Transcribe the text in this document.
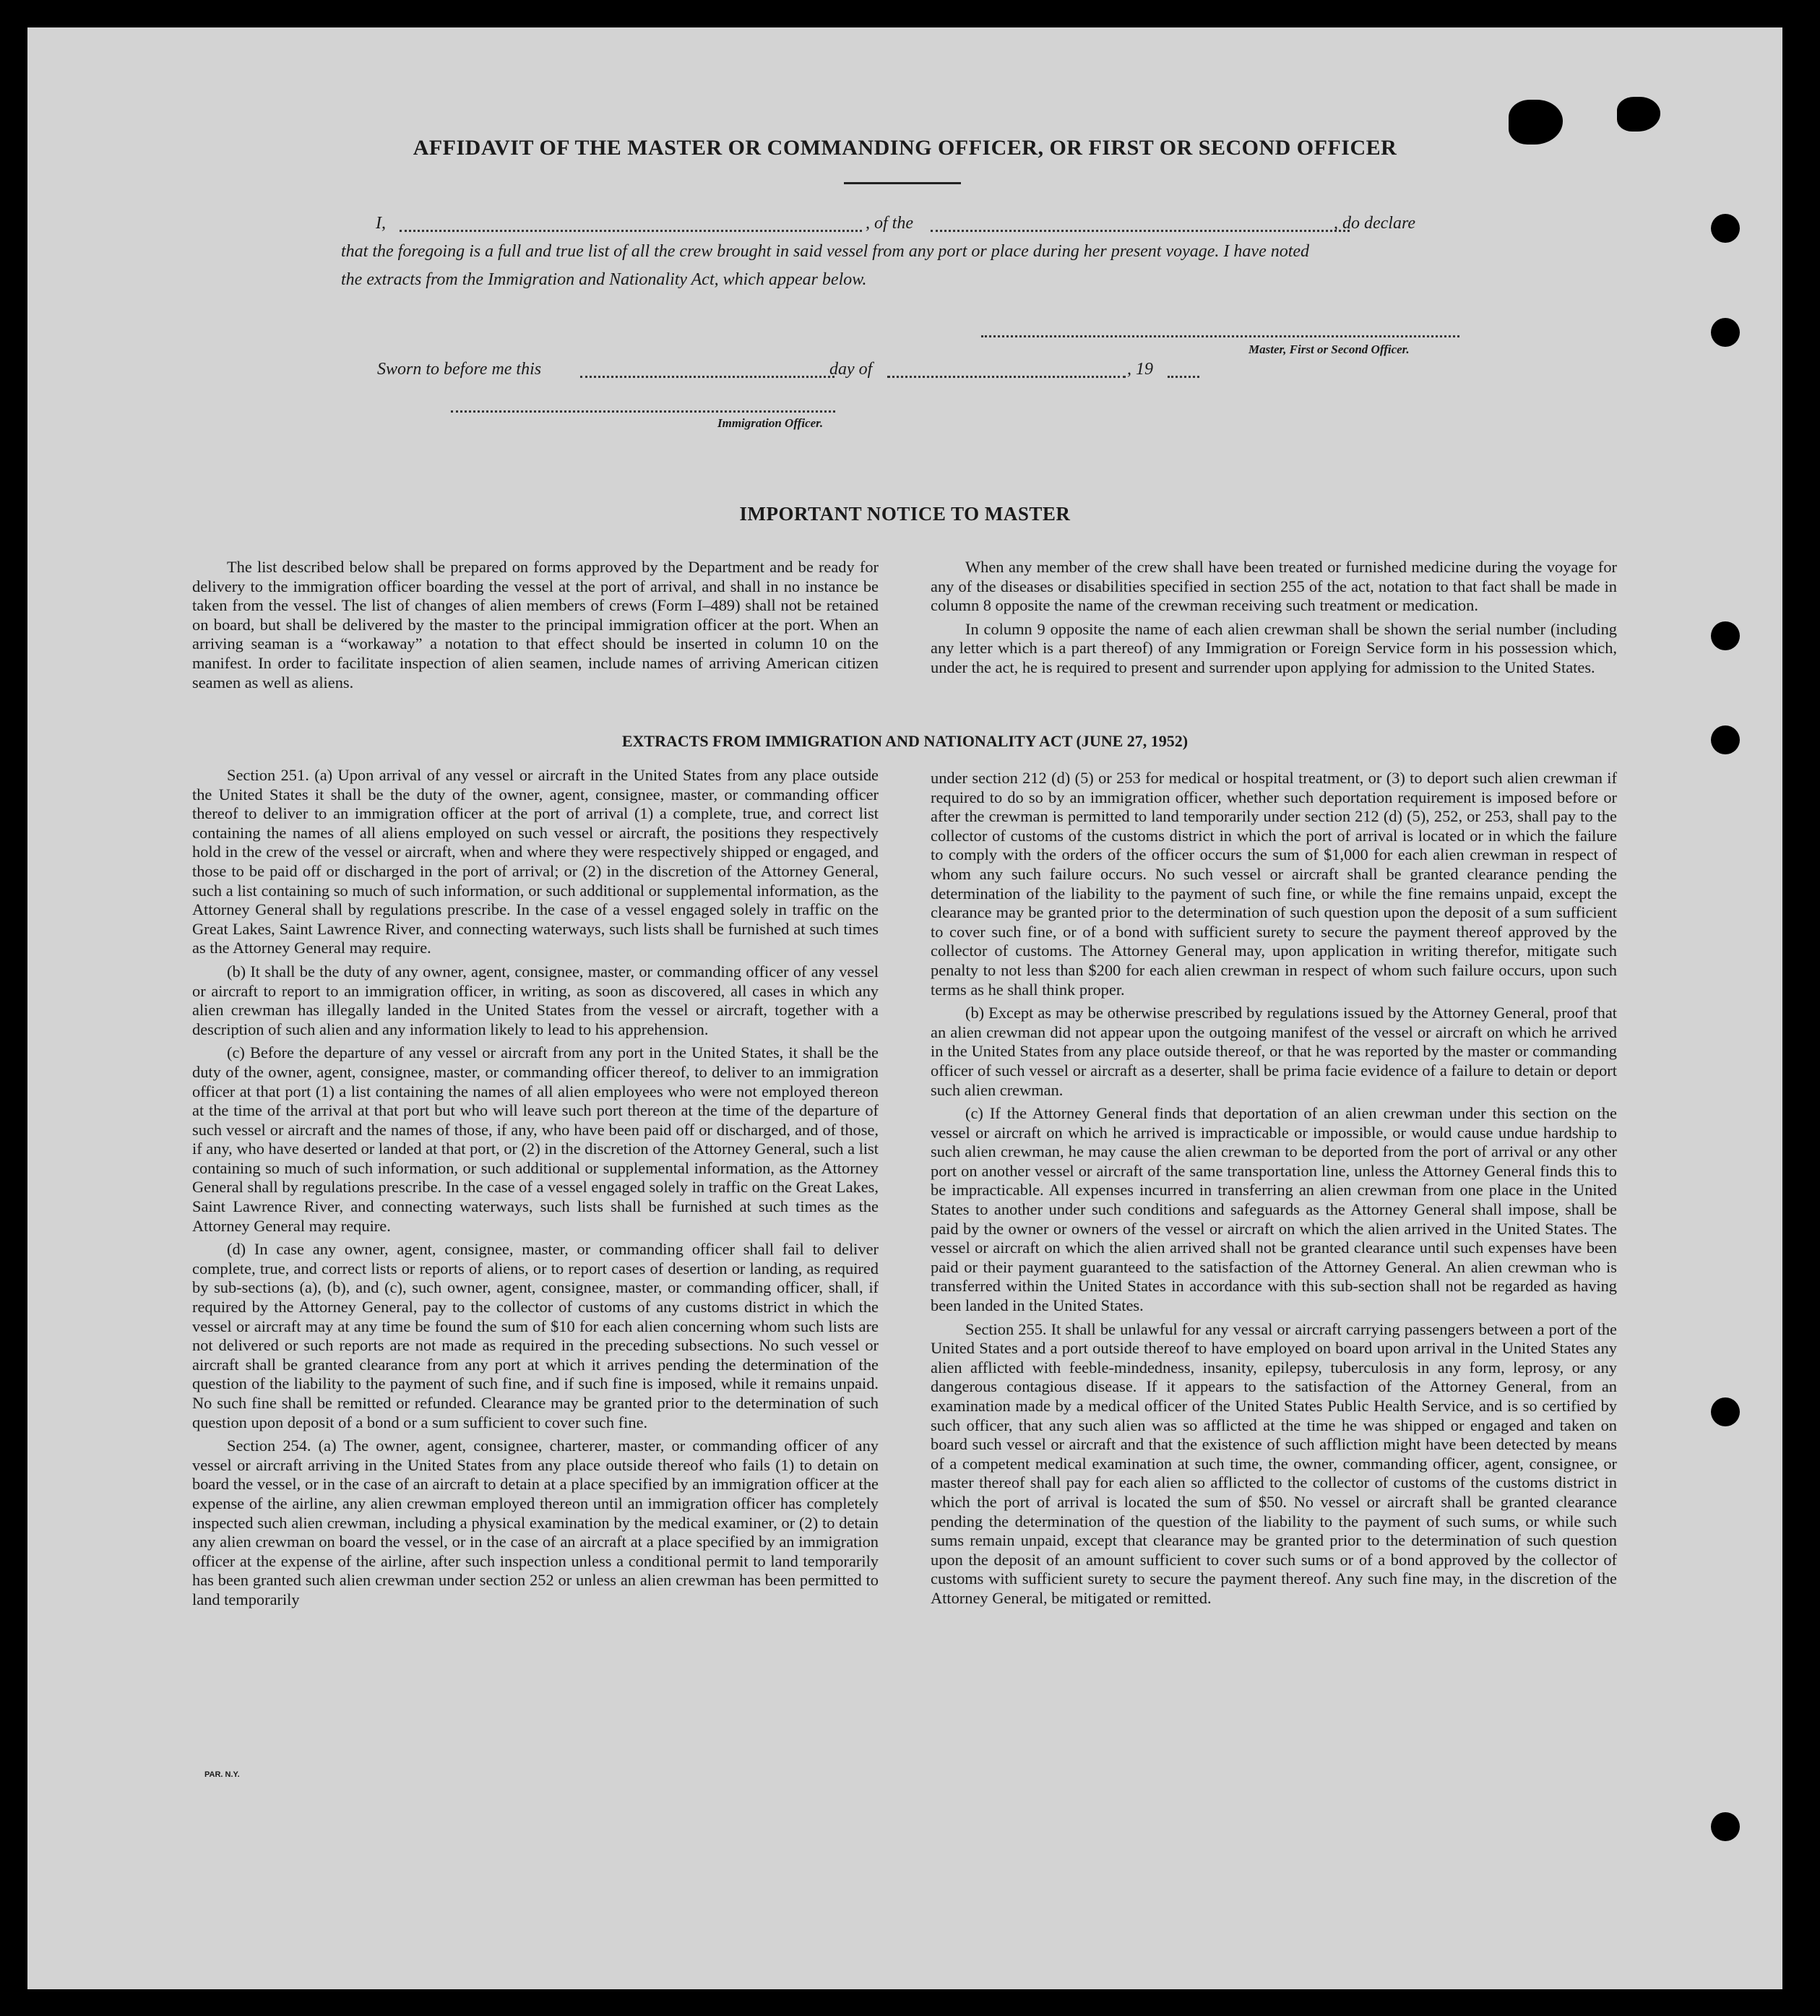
AFFIDAVIT OF THE MASTER OR COMMANDING OFFICER, OR FIRST OR SECOND OFFICER
I,	, of the	, do declare
that the foregoing is a full and true list of all the crew brought in said vessel from any port or place during her present voyage. I have noted
the extracts from the Immigration and Nationality Act, which appear below.
Master, First or Second Officer.
Sworn to before me this	day of	, 19
Immigration Officer.
IMPORTANT NOTICE TO MASTER

The list described below shall be prepared on forms approved by the Department and be ready for delivery to the immigration officer boarding the vessel at the port of arrival, and shall in no instance be taken from the vessel. The list of changes of alien members of crews (Form I–489) shall not be retained on board, but shall be delivered by the master to the principal immigration officer at the port. When an arriving seaman is a “workaway” a notation to that effect should be inserted in column 10 on the manifest. In order to facilitate inspection of alien seamen, include names of arriving American citizen seamen as well as aliens.

When any member of the crew shall have been treated or furnished medicine during the voyage for any of the diseases or disabilities specified in section 255 of the act, notation to that fact shall be made in column 8 opposite the name of the crewman receiving such treatment or medication.

In column 9 opposite the name of each alien crewman shall be shown the serial number (including any letter which is a part thereof) of any Immigration or Foreign Service form in his possession which, under the act, he is required to present and surrender upon applying for admission to the United States.

EXTRACTS FROM IMMIGRATION AND NATIONALITY ACT (JUNE 27, 1952)

Section 251. (a) Upon arrival of any vessel or aircraft in the United States from any place outside the United States it shall be the duty of the owner, agent, consignee, master, or commanding officer thereof to deliver to an immigration officer at the port of arrival (1) a complete, true, and correct list containing the names of all aliens employed on such vessel or aircraft, the positions they respectively hold in the crew of the vessel or aircraft, when and where they were respectively shipped or engaged, and those to be paid off or discharged in the port of arrival; or (2) in the discretion of the Attorney General, such a list containing so much of such information, or such additional or supplemental information, as the Attorney General shall by regulations prescribe. In the case of a vessel engaged solely in traffic on the Great Lakes, Saint Lawrence River, and connecting waterways, such lists shall be furnished at such times as the Attorney General may require.

(b) It shall be the duty of any owner, agent, consignee, master, or commanding officer of any vessel or aircraft to report to an immigration officer, in writing, as soon as discovered, all cases in which any alien crewman has illegally landed in the United States from the vessel or aircraft, together with a description of such alien and any information likely to lead to his apprehension.

(c) Before the departure of any vessel or aircraft from any port in the United States, it shall be the duty of the owner, agent, consignee, master, or commanding officer thereof, to deliver to an immigration officer at that port (1) a list containing the names of all alien employees who were not employed thereon at the time of the arrival at that port but who will leave such port thereon at the time of the departure of such vessel or aircraft and the names of those, if any, who have been paid off or discharged, and of those, if any, who have deserted or landed at that port, or (2) in the discretion of the Attorney General, such a list containing so much of such information, or such additional or supplemental information, as the Attorney General shall by regulations prescribe. In the case of a vessel engaged solely in traffic on the Great Lakes, Saint Lawrence River, and connecting waterways, such lists shall be furnished at such times as the Attorney General may require.

(d) In case any owner, agent, consignee, master, or commanding officer shall fail to deliver complete, true, and correct lists or reports of aliens, or to report cases of desertion or landing, as required by sub-sections (a), (b), and (c), such owner, agent, consignee, master, or commanding officer, shall, if required by the Attorney General, pay to the collector of customs of any customs district in which the vessel or aircraft may at any time be found the sum of $10 for each alien concerning whom such lists are not delivered or such reports are not made as required in the preceding subsections. No such vessel or aircraft shall be granted clearance from any port at which it arrives pending the determination of the question of the liability to the payment of such fine, and if such fine is imposed, while it remains unpaid. No such fine shall be remitted or refunded. Clearance may be granted prior to the determination of such question upon deposit of a bond or a sum sufficient to cover such fine.

Section 254. (a) The owner, agent, consignee, charterer, master, or commanding officer of any vessel or aircraft arriving in the United States from any place outside thereof who fails (1) to detain on board the vessel, or in the case of an aircraft to detain at a place specified by an immigration officer at the expense of the airline, any alien crewman employed thereon until an immigration officer has completely inspected such alien crewman, including a physical examination by the medical examiner, or (2) to detain any alien crewman on board the vessel, or in the case of an aircraft at a place specified by an immigration officer at the expense of the airline, after such inspection unless a conditional permit to land temporarily has been granted such alien crewman under section 252 or unless an alien crewman has been permitted to land temporarily

under section 212 (d) (5) or 253 for medical or hospital treatment, or (3) to deport such alien crewman if required to do so by an immigration officer, whether such deportation requirement is imposed before or after the crewman is permitted to land temporarily under section 212 (d) (5), 252, or 253, shall pay to the collector of customs of the customs district in which the port of arrival is located or in which the failure to comply with the orders of the officer occurs the sum of $1,000 for each alien crewman in respect of whom any such failure occurs. No such vessel or aircraft shall be granted clearance pending the determination of the liability to the payment of such fine, or while the fine remains unpaid, except the clearance may be granted prior to the determination of such question upon the deposit of a sum sufficient to cover such fine, or of a bond with sufficient surety to secure the payment thereof approved by the collector of customs. The Attorney General may, upon application in writing therefor, mitigate such penalty to not less than $200 for each alien crewman in respect of whom such failure occurs, upon such terms as he shall think proper.

(b) Except as may be otherwise prescribed by regulations issued by the Attorney General, proof that an alien crewman did not appear upon the outgoing manifest of the vessel or aircraft on which he arrived in the United States from any place outside thereof, or that he was reported by the master or commanding officer of such vessel or aircraft as a deserter, shall be prima facie evidence of a failure to detain or deport such alien crewman.

(c) If the Attorney General finds that deportation of an alien crewman under this section on the vessel or aircraft on which he arrived is impracticable or impossible, or would cause undue hardship to such alien crewman, he may cause the alien crewman to be deported from the port of arrival or any other port on another vessel or aircraft of the same transportation line, unless the Attorney General finds this to be impracticable. All expenses incurred in transferring an alien crewman from one place in the United States to another under such conditions and safeguards as the Attorney General shall impose, shall be paid by the owner or owners of the vessel or aircraft on which the alien arrived in the United States. The vessel or aircraft on which the alien arrived shall not be granted clearance until such expenses have been paid or their payment guaranteed to the satisfaction of the Attorney General. An alien crewman who is transferred within the United States in accordance with this sub-section shall not be regarded as having been landed in the United States.

Section 255. It shall be unlawful for any vessal or aircraft carrying passengers between a port of the United States and a port outside thereof to have employed on board upon arrival in the United States any alien afflicted with feeble-mindedness, insanity, epilepsy, tuberculosis in any form, leprosy, or any dangerous contagious disease. If it appears to the satisfaction of the Attorney General, from an examination made by a medical officer of the United States Public Health Service, and is so certified by such officer, that any such alien was so afflicted at the time he was shipped or engaged and taken on board such vessel or aircraft and that the existence of such affliction might have been detected by means of a competent medical examination at such time, the owner, commanding officer, agent, consignee, or master thereof shall pay for each alien so afflicted to the collector of customs of the customs district in which the port of arrival is located the sum of $50. No vessel or aircraft shall be granted clearance pending the determination of the question of the liability to the payment of such sums, or while such sums remain unpaid, except that clearance may be granted prior to the determination of such question upon the deposit of an amount sufficient to cover such sums or of a bond approved by the collector of customs with sufficient surety to secure the payment thereof. Any such fine may, in the discretion of the Attorney General, be mitigated or remitted.

PAR. N.Y.
